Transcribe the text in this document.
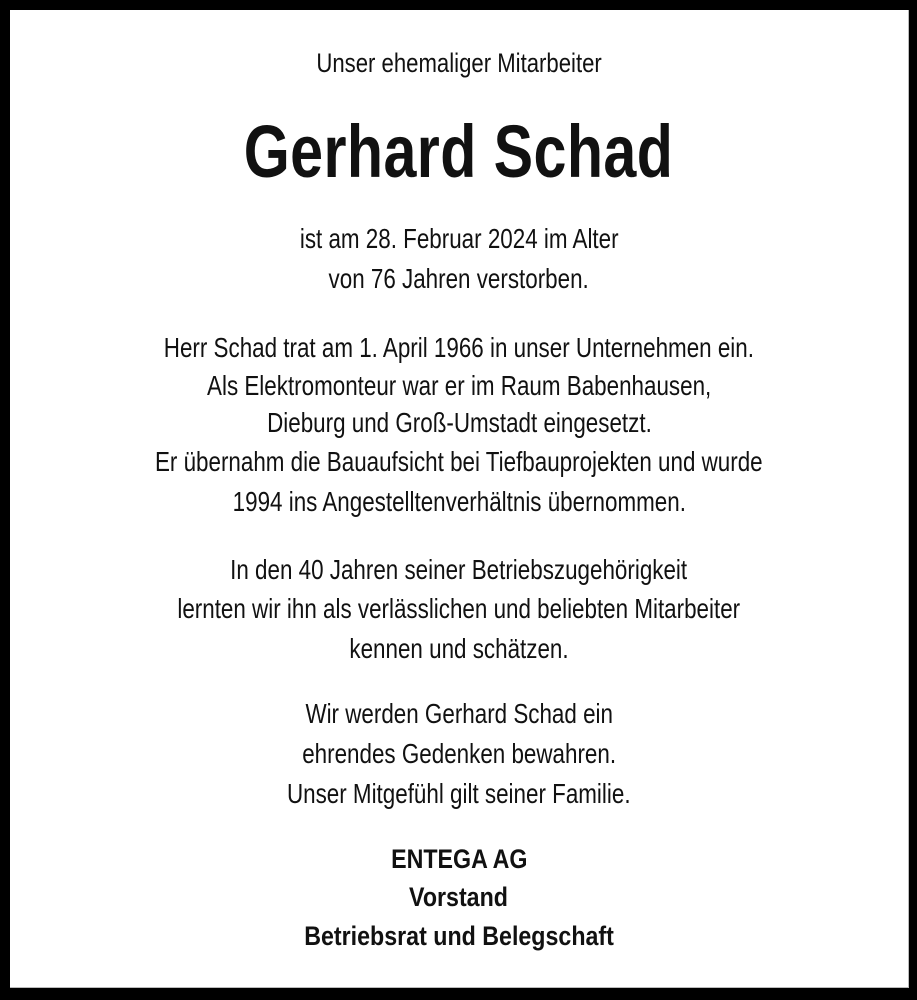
Unser ehemaliger Mitarbeiter
Gerhard Schad
ist am 28. Februar 2024 im Alter
von 76 Jahren verstorben.
Herr Schad trat am 1. April 1966 in unser Unternehmen ein.
Als Elektromonteur war er im Raum Babenhausen,
Dieburg und Groß-Umstadt eingesetzt.
Er übernahm die Bauaufsicht bei Tiefbauprojekten und wurde
1994 ins Angestelltenverhältnis übernommen.
In den 40 Jahren seiner Betriebszugehörigkeit
lernten wir ihn als verlässlichen und beliebten Mitarbeiter
kennen und schätzen.
Wir werden Gerhard Schad ein
ehrendes Gedenken bewahren.
Unser Mitgefühl gilt seiner Familie.
ENTEGA AG
Vorstand
Betriebsrat und Belegschaft
